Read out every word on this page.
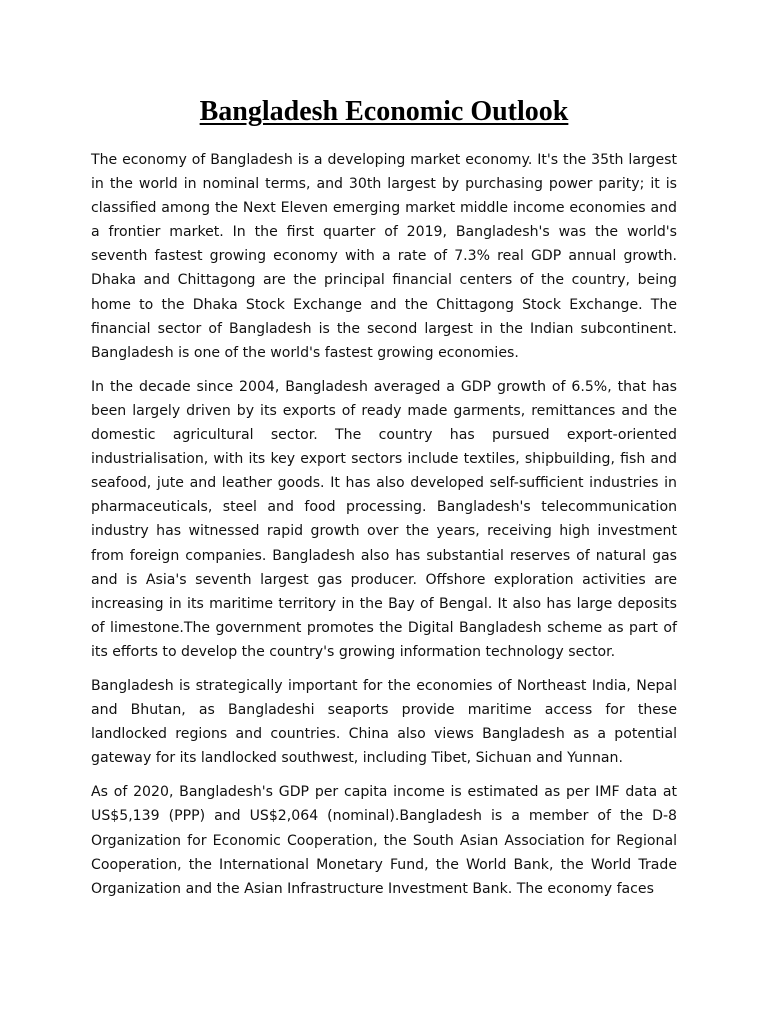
Bangladesh Economic Outlook

The economy of Bangladesh is a developing market economy. It's the 35th largest in the world in nominal terms, and 30th largest by purchasing power parity; it is classified among the Next Eleven emerging market middle income economies and a frontier market. In the first quarter of 2019, Bangladesh's was the world's seventh fastest growing economy with a rate of 7.3% real GDP annual growth. Dhaka and Chittagong are the principal financial centers of the country, being home to the Dhaka Stock Exchange and the Chittagong Stock Exchange. The financial sector of Bangladesh is the second largest in the Indian subcontinent. Bangladesh is one of the world's fastest growing economies.

In the decade since 2004, Bangladesh averaged a GDP growth of 6.5%, that has been largely driven by its exports of ready made garments, remittances and the domestic agricultural sector. The country has pursued export-oriented industrialisation, with its key export sectors include textiles, shipbuilding, fish and seafood, jute and leather goods. It has also developed self-sufficient industries in pharmaceuticals, steel and food processing. Bangladesh's telecommunication industry has witnessed rapid growth over the years, receiving high investment from foreign companies. Bangladesh also has substantial reserves of natural gas and is Asia's seventh largest gas producer. Offshore exploration activities are increasing in its maritime territory in the Bay of Bengal. It also has large deposits of limestone.The government promotes the Digital Bangladesh scheme as part of its efforts to develop the country's growing information technology sector.

Bangladesh is strategically important for the economies of Northeast India, Nepal and Bhutan, as Bangladeshi seaports provide maritime access for these landlocked regions and countries. China also views Bangladesh as a potential gateway for its landlocked southwest, including Tibet, Sichuan and Yunnan.

As of 2020, Bangladesh's GDP per capita income is estimated as per IMF data at US$5,139 (PPP) and US$2,064 (nominal).Bangladesh is a member of the D-8 Organization for Economic Cooperation, the South Asian Association for Regional Cooperation, the International Monetary Fund, the World Bank, the World Trade Organization and the Asian Infrastructure Investment Bank. The economy faces
